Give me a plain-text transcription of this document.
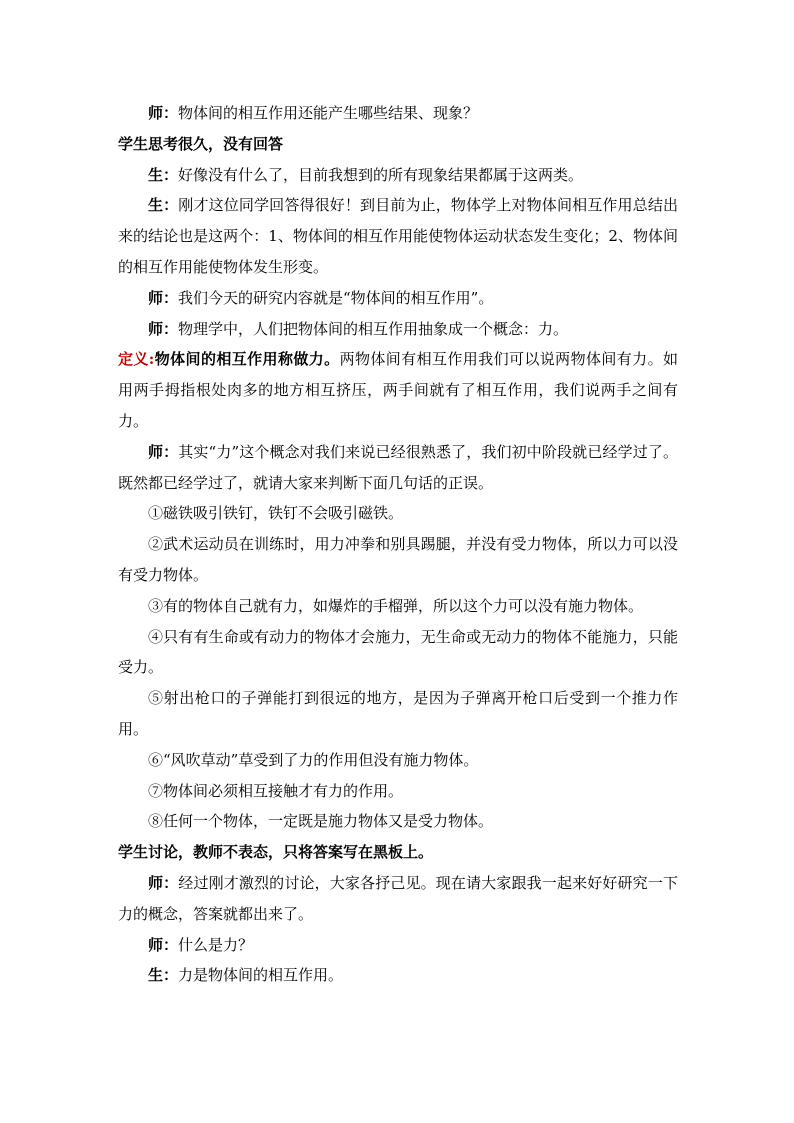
师：物体间的相互作用还能产生哪些结果、现象？

学生思考很久，没有回答

生：好像没有什么了，目前我想到的所有现象结果都属于这两类。

生：刚才这位同学回答得很好！到目前为止，物体学上对物体间相互作用总结出来的结论也是这两个：1、物体间的相互作用能使物体运动状态发生变化；2、物体间的相互作用能使物体发生形变。

师：我们今天的研究内容就是“物体间的相互作用”。

师：物理学中，人们把物体间的相互作用抽象成一个概念：力。

定义:物体间的相互作用称做力。两物体间有相互作用我们可以说两物体间有力。如用两手拇指根处肉多的地方相互挤压，两手间就有了相互作用，我们说两手之间有力。

师：其实“力”这个概念对我们来说已经很熟悉了，我们初中阶段就已经学过了。既然都已经学过了，就请大家来判断下面几句话的正误。

①磁铁吸引铁钉，铁钉不会吸引磁铁。

②武术运动员在训练时，用力冲拳和别具踢腿，并没有受力物体，所以力可以没有受力物体。

③有的物体自己就有力，如爆炸的手榴弹，所以这个力可以没有施力物体。

④只有有生命或有动力的物体才会施力，无生命或无动力的物体不能施力，只能受力。

⑤射出枪口的子弹能打到很远的地方，是因为子弹离开枪口后受到一个推力作用。

⑥“风吹草动”草受到了力的作用但没有施力物体。

⑦物体间必须相互接触才有力的作用。

⑧任何一个物体，一定既是施力物体又是受力物体。

学生讨论，教师不表态，只将答案写在黑板上。

师：经过刚才激烈的讨论，大家各抒己见。现在请大家跟我一起来好好研究一下力的概念，答案就都出来了。

师：什么是力？

生：力是物体间的相互作用。
